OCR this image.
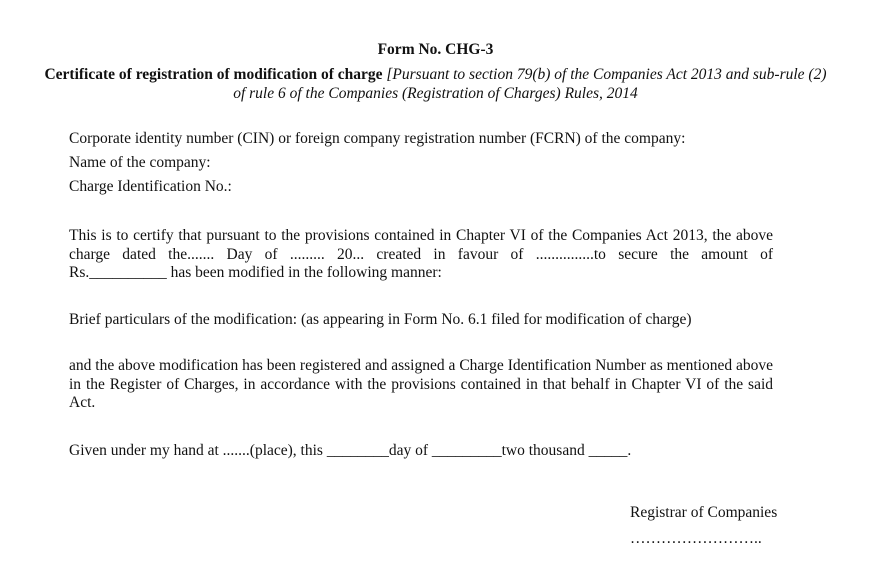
Form No. CHG-3
Certificate of registration of modification of charge [Pursuant to section 79(b) of the Companies Act 2013 and sub-rule (2) of rule 6 of the Companies (Registration of Charges) Rules, 2014
Corporate identity number (CIN) or foreign company registration number (FCRN) of the company:
Name of the company:
Charge Identification No.:
This is to certify that pursuant to the provisions contained in Chapter VI of the Companies Act 2013, the above
charge dated the....... Day of ......... 20... created in favour of ...............to secure the amount of
Rs.__________ has been modified in the following manner:
Brief particulars of the modification: (as appearing in Form No. 6.1 filed for modification of charge)
and the above modification has been registered and assigned a Charge Identification Number as mentioned above
in the Register of Charges, in accordance with the provisions contained in that behalf in Chapter VI of the said
Act.
Given under my hand at .......(place), this ________day of _________two thousand _____.
Registrar of Companies
……………………..
